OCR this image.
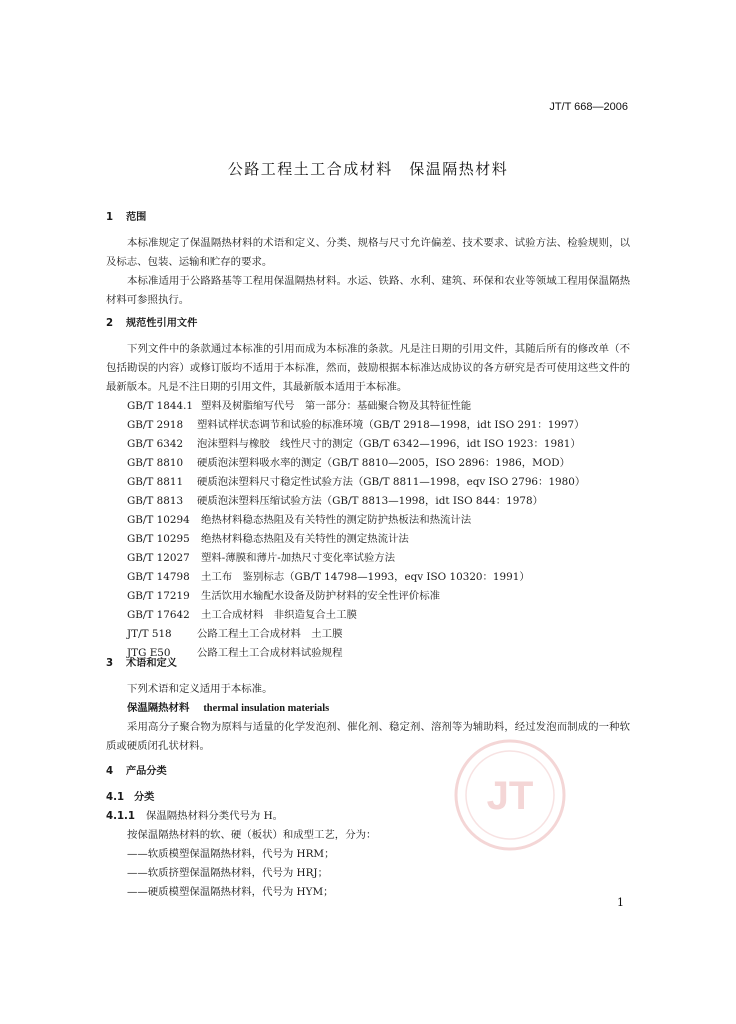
JT/T 668—2006
公路工程土工合成材料　保温隔热材料
1 范围
本标准规定了保温隔热材料的术语和定义、分类、规格与尺寸允许偏差、技术要求、试验方法、检验规则，以及标志、包装、运输和贮存的要求。
本标准适用于公路路基等工程用保温隔热材料。水运、铁路、水利、建筑、环保和农业等领域工程用保温隔热材料可参照执行。
2 规范性引用文件
下列文件中的条款通过本标准的引用而成为本标准的条款。凡是注日期的引用文件，其随后所有的修改单（不包括勘误的内容）或修订版均不适用于本标准，然而，鼓励根据本标准达成协议的各方研究是否可使用这些文件的最新版本。凡是不注日期的引用文件，其最新版本适用于本标准。
GB/T 1844.1 塑料及树脂缩写代号　第一部分：基础聚合物及其特征性能
GB/T 2918 塑料试样状态调节和试验的标准环境（GB/T 2918—1998，idt ISO 291：1997）
GB/T 6342 泡沫塑料与橡胶　线性尺寸的测定（GB/T 6342—1996，idt ISO 1923：1981）
GB/T 8810 硬质泡沫塑料吸水率的测定（GB/T 8810—2005，ISO 2896：1986，MOD）
GB/T 8811 硬质泡沫塑料尺寸稳定性试验方法（GB/T 8811—1998，eqv ISO 2796：1980）
GB/T 8813 硬质泡沫塑料压缩试验方法（GB/T 8813—1998，idt ISO 844：1978）
GB/T 10294 绝热材料稳态热阻及有关特性的测定防护热板法和热流计法
GB/T 10295 绝热材料稳态热阻及有关特性的测定热流计法
GB/T 12027 塑料-薄膜和薄片-加热尺寸变化率试验方法
GB/T 14798 土工布　鉴别标志（GB/T 14798—1993，eqv ISO 10320：1991）
GB/T 17219 生活饮用水输配水设备及防护材料的安全性评价标准
GB/T 17642 土工合成材料　非织造复合土工膜
JT/T 518 公路工程土工合成材料　土工膜
JTG E50	公路工程土工合成材料试验规程
3 术语和定义
下列术语和定义适用于本标准。
保温隔热材料 thermal insulation materials
采用高分子聚合物为原料与适量的化学发泡剂、催化剂、稳定剂、溶剂等为辅助料，经过发泡而制成的一种软质或硬质闭孔状材料。
4 产品分类
4.1 分类
4.1.1 保温隔热材料分类代号为 H。
按保温隔热材料的软、硬（板状）和成型工艺，分为：
——软质模塑保温隔热材料，代号为 HRM；
——软质挤塑保温隔热材料，代号为 HRJ；
——硬质模塑保温隔热材料，代号为 HYM；
JT
1
